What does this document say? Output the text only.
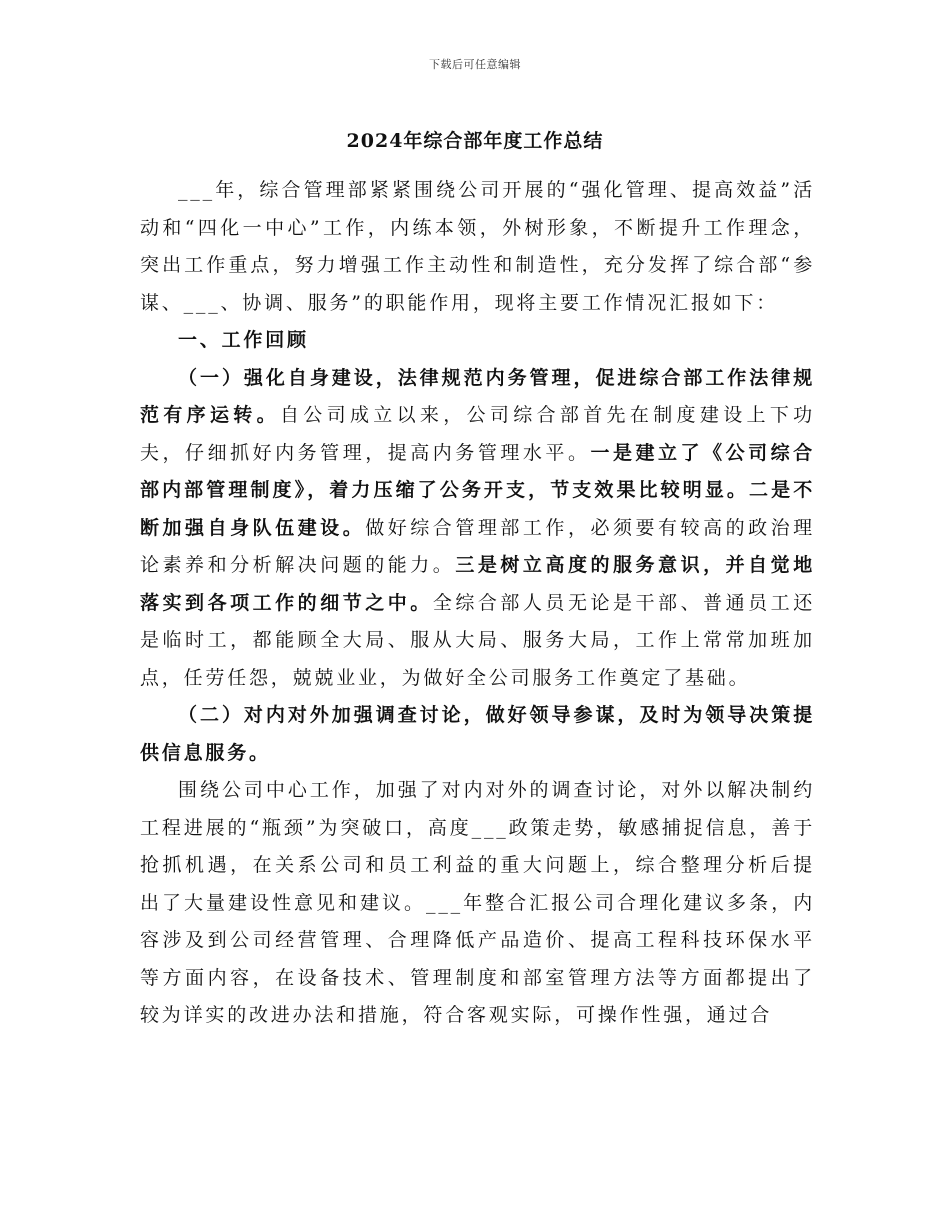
下载后可任意编辑
2024年综合部年度工作总结

___年，综合管理部紧紧围绕公司开展的“强化管理、提高效益”活动和“四化一中心”工作，内练本领，外树形象，不断提升工作理念，突出工作重点，努力增强工作主动性和制造性，充分发挥了综合部“参谋、___、协调、服务”的职能作用，现将主要工作情况汇报如下：

一、工作回顾

（一）强化自身建设，法律规范内务管理，促进综合部工作法律规范有序运转。自公司成立以来，公司综合部首先在制度建设上下功夫，仔细抓好内务管理，提高内务管理水平。一是建立了《公司综合部内部管理制度》，着力压缩了公务开支，节支效果比较明显。二是不断加强自身队伍建设。做好综合管理部工作，必须要有较高的政治理论素养和分析解决问题的能力。三是树立高度的服务意识，并自觉地落实到各项工作的细节之中。全综合部人员无论是干部、普通员工还是临时工，都能顾全大局、服从大局、服务大局，工作上常常加班加点，任劳任怨，兢兢业业，为做好全公司服务工作奠定了基础。

（二）对内对外加强调查讨论，做好领导参谋，及时为领导决策提供信息服务。

围绕公司中心工作，加强了对内对外的调查讨论，对外以解决制约工程进展的“瓶颈”为突破口，高度___政策走势，敏感捕捉信息，善于抢抓机遇，在关系公司和员工利益的重大问题上，综合整理分析后提出了大量建设性意见和建议。___年整合汇报公司合理化建议多条，内容涉及到公司经营管理、合理降低产品造价、提高工程科技环保水平等方面内容，在设备技术、管理制度和部室管理方法等方面都提出了较为详实的改进办法和措施，符合客观实际，可操作性强，通过合
